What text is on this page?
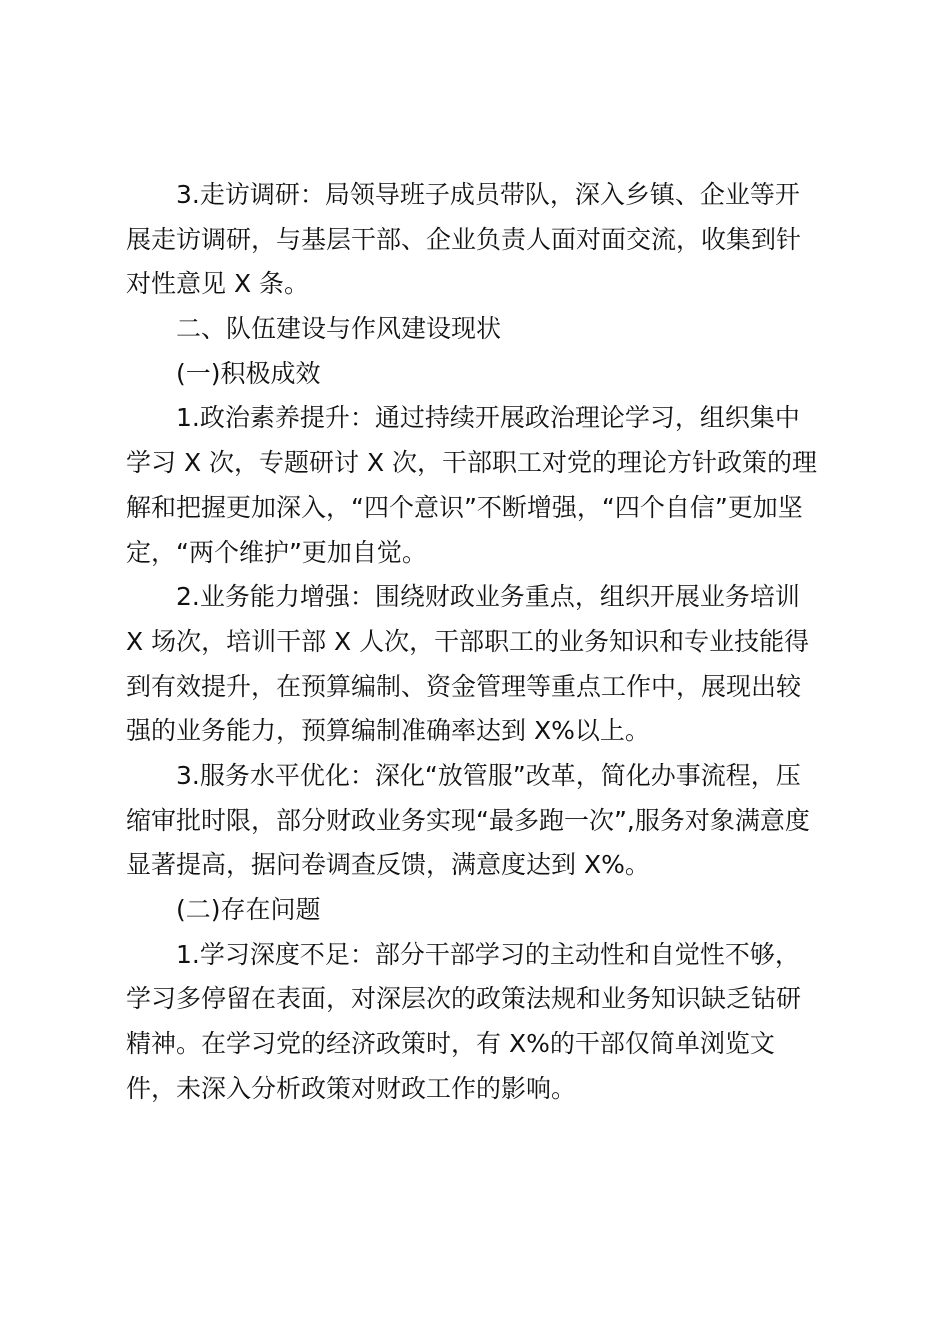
3.走访调研：局领导班子成员带队，深入乡镇、企业等开
展走访调研，与基层干部、企业负责人面对面交流，收集到针
对性意见 X 条。
二、队伍建设与作风建设现状
(一)积极成效
1.政治素养提升：通过持续开展政治理论学习，组织集中
学习 X 次，专题研讨 X 次，干部职工对党的理论方针政策的理
解和把握更加深入，“四个意识”不断增强，“四个自信”更加坚
定，“两个维护”更加自觉。
2.业务能力增强：围绕财政业务重点，组织开展业务培训
X 场次，培训干部 X 人次，干部职工的业务知识和专业技能得
到有效提升，在预算编制、资金管理等重点工作中，展现出较
强的业务能力，预算编制准确率达到 X%以上。
3.服务水平优化：深化“放管服”改革，简化办事流程，压
缩审批时限，部分财政业务实现“最多跑一次”,服务对象满意度
显著提高，据问卷调查反馈，满意度达到 X%。
(二)存在问题
1.学习深度不足：部分干部学习的主动性和自觉性不够，
学习多停留在表面，对深层次的政策法规和业务知识缺乏钻研
精神。在学习党的经济政策时，有 X%的干部仅简单浏览文
件，未深入分析政策对财政工作的影响。
